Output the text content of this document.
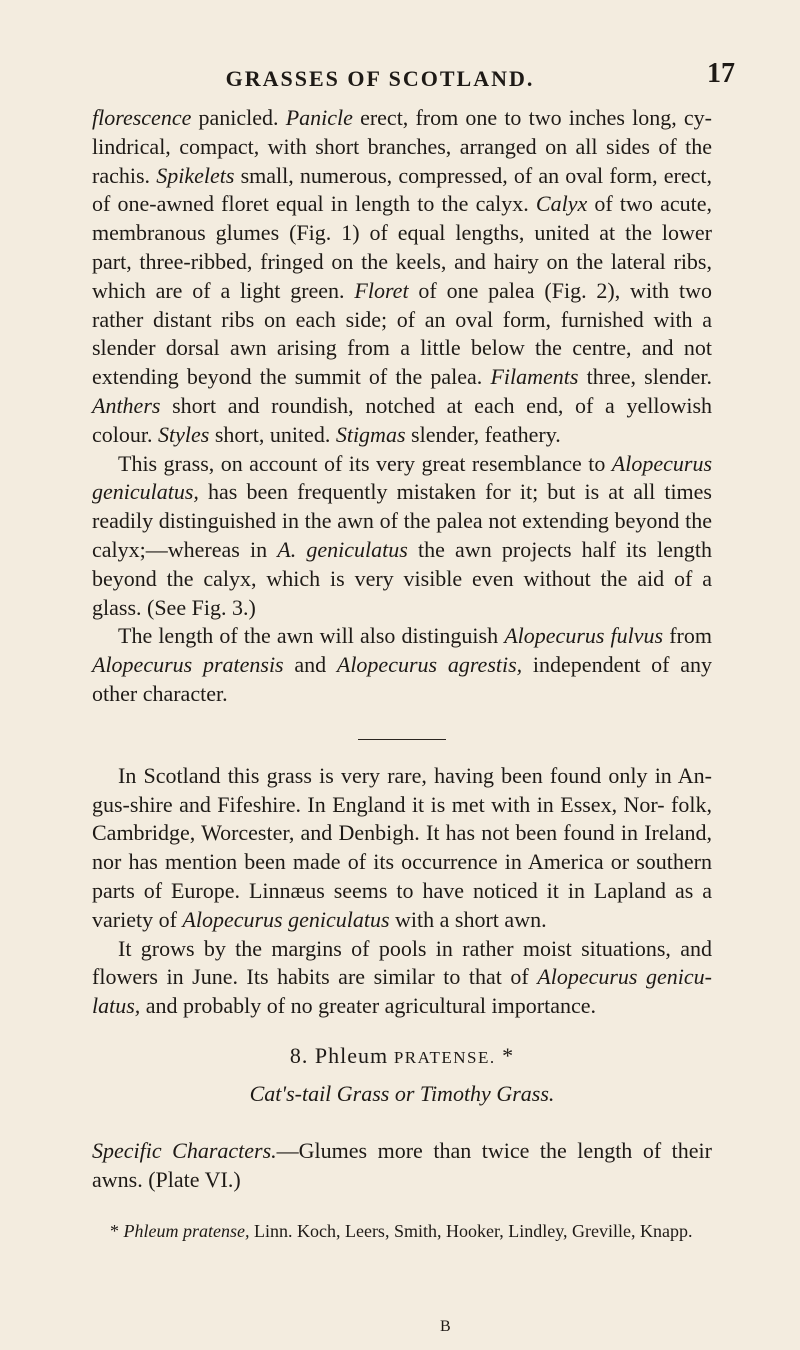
GRASSES OF SCOTLAND.	17

florescence panicled. Panicle erect, from one to two inches long, cy- lindrical, compact, with short branches, arranged on all sides of the rachis. Spikelets small, numerous, compressed, of an oval form, erect, of one-awned floret equal in length to the calyx. Calyx of two acute, membranous glumes (Fig. 1) of equal lengths, united at the lower part, three-ribbed, fringed on the keels, and hairy on the lateral ribs, which are of a light green. Floret of one palea (Fig. 2), with two rather distant ribs on each side; of an oval form, furnished with a slender dorsal awn arising from a little below the centre, and not extending beyond the summit of the palea. Filaments three, slender. Anthers short and roundish, notched at each end, of a yellowish colour. Styles short, united. Stigmas slender, feathery.

This grass, on account of its very great resemblance to Alopecurus geniculatus, has been frequently mistaken for it; but is at all times readily distinguished in the awn of the palea not extending beyond the calyx;—whereas in A. geniculatus the awn projects half its length beyond the calyx, which is very visible even without the aid of a glass. (See Fig. 3.)

The length of the awn will also distinguish Alopecurus fulvus from Alopecurus pratensis and Alopecurus agrestis, independent of any other character.

In Scotland this grass is very rare, having been found only in An- gus-shire and Fifeshire. In England it is met with in Essex, Nor- folk, Cambridge, Worcester, and Denbigh. It has not been found in Ireland, nor has mention been made of its occurrence in America or southern parts of Europe. Linnæus seems to have noticed it in Lapland as a variety of Alopecurus geniculatus with a short awn.

It grows by the margins of pools in rather moist situations, and flowers in June. Its habits are similar to that of Alopecurus genicu- latus, and probably of no greater agricultural importance.

8. Phleum PRATENSE. *
Cat's-tail Grass or Timothy Grass.

Specific Characters.—Glumes more than twice the length of their awns. (Plate VI.)

* Phleum pratense, Linn. Koch, Leers, Smith, Hooker, Lindley, Greville, Knapp.

B
